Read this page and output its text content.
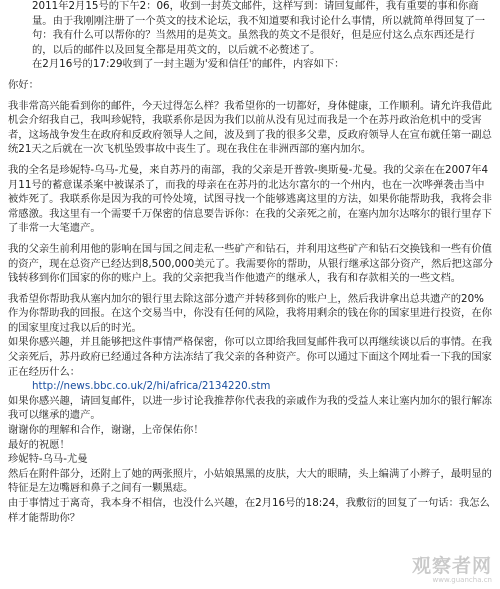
2011年2月15号的下午2：06，收到一封英文邮件，这样写到：请回复邮件，我有重要的事和你商量。由于我刚刚注册了一个英文的技术论坛，我不知道要和我讨论什么事情，所以就简单得回复了一句：我有什么可以帮你的？当然用的是英文。虽然我的英文不是很好，但是应付这么点东西还是行的，以后的邮件以及回复全都是用英文的，以后就不必赘述了。

在2月16号的17:29收到了一封主题为'爱和信任'的邮件，内容如下：

你好：

我非常高兴能看到你的邮件，今天过得怎么样？我希望你的一切都好，身体健康，工作顺利。请允许我借此机会介绍我自己，我叫珍妮特，我联系你是因为我们以前从没有见过而我是一个在苏丹政治危机中的受害者，这场战争发生在政府和反政府领导人之间，波及到了我的很多父辈，反政府领导人在宣布就任第一副总统21天之后就在一次飞机坠毁事故中丧生了。现在我住在非洲西部的塞内加尔。

我的全名是珍妮特-乌马-尤曼，来自苏丹的南部，我的父亲是开普敦-奥斯曼-尤曼。我的父亲在在2007年4月11号的蓄意谋杀案中被谋杀了，而我的母亲在在苏丹的北达尔富尔的一个州内，也在一次哗弹袭击当中被炸死了。我联系你是因为我的可怜处境，试图寻找一个能够逃离这里的方法，如果你能帮助我，我将会非常感激。我这里有一个需要千万保密的信息要告诉你：在我的父亲死之前，在塞内加尔达喀尔的银行里存下了非常一大笔遗产。

我的父亲生前利用他的影响在国与国之间走私一些矿产和钻石，并利用这些矿产和钻石交换钱和一些有价值的资产，现在总资产已经达到8,500,000美元了。我需要你的帮助，从银行继承这部分资产，然后把这部分钱转移到你们国家的你的账户上。我的父亲把我当作他遗产的继承人，我有和存款相关的一些文档。

我希望你帮助我从塞内加尔的银行里去除这部分遗产并转移到你的账户上，然后我讲拿出总共遗产的20%作为你帮助我的回报。在这个交易当中，你没有任何的风险，我将用剩余的钱在你的国家里进行投资，在你的国家里度过我以后的时光。

如果你感兴趣，并且能够把这件事情严格保密，你可以立即给我回复邮件我可以再继续谈以后的事情。在我父亲死后，苏丹政府已经通过各种方法冻结了我父亲的各种资产。你可以通过下面这个网址看一下我的国家正在经历什么：

http://news.bbc.co.uk/2/hi/africa/2134220.stm

如果你感兴趣，请回复邮件，以进一步讨论我推荐你代表我的亲戚作为我的受益人来让塞内加尔的银行解冻我可以继承的遗产。

谢谢你的理解和合作，谢谢，上帝保佑你！

最好的祝愿！

珍妮特-乌马-尤曼

然后在附件部分，还附上了她的两张照片，小姑娘黑黑的皮肤，大大的眼睛，头上编满了小辫子，最明显的特征是左边嘴唇和鼻子之间有一颗黑痣。

由于事情过于离奇，我本身不相信，也没什么兴趣，在2月16号的18:24，我敷衍的回复了一句话：我怎么样才能帮助你？

观察者网
www.guancha.cn
